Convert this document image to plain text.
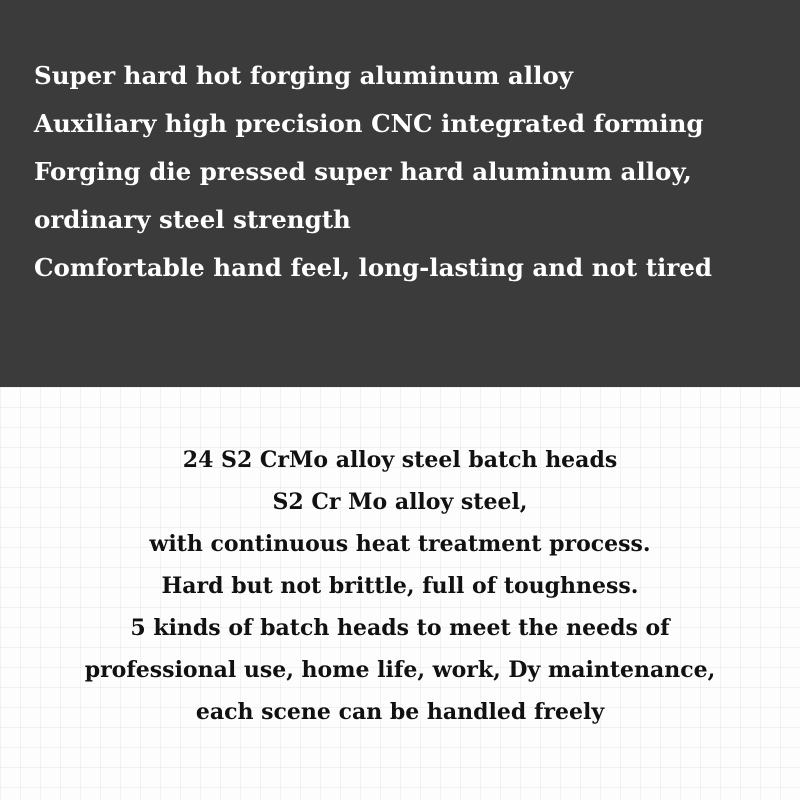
Super hard hot forging aluminum alloy
Auxiliary high precision CNC integrated forming
Forging die pressed super hard aluminum alloy,
ordinary steel strength
Comfortable hand feel, long-lasting and not tired
24 S2 CrMo alloy steel batch heads
S2 Cr Mo alloy steel,
with continuous heat treatment process.
Hard but not brittle, full of toughness.
5 kinds of batch heads to meet the needs of
professional use, home life, work, Dy maintenance,
each scene can be handled freely
